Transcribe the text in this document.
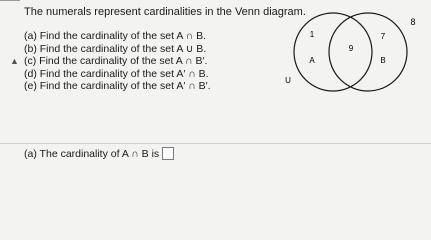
▲
The numerals represent cardinalities in the Venn diagram.
(a) Find the cardinality of the set A ∩ B.
(b) Find the cardinality of the set A ∪ B.
(c) Find the cardinality of the set A ∩ B′.
(d) Find the cardinality of the set A′ ∩ B.
(e) Find the cardinality of the set A′ ∩ B′.
8
1
9
7
A	B
U
(a) The cardinality of A ∩ B is
